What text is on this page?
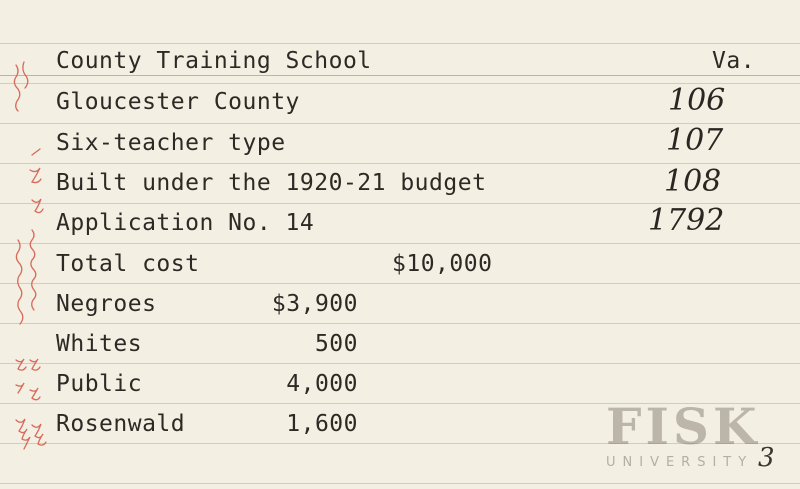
County Training School	Va.
Gloucester County	106
Six-teacher type	107
Built under the 1920-21 budget	108
Application No. 14	1792
Total cost	$10,000
Negroes	$3,900
Whites	500
Public	4,000
Rosenwald	1,600	FISK
UNIVERSITY 3
